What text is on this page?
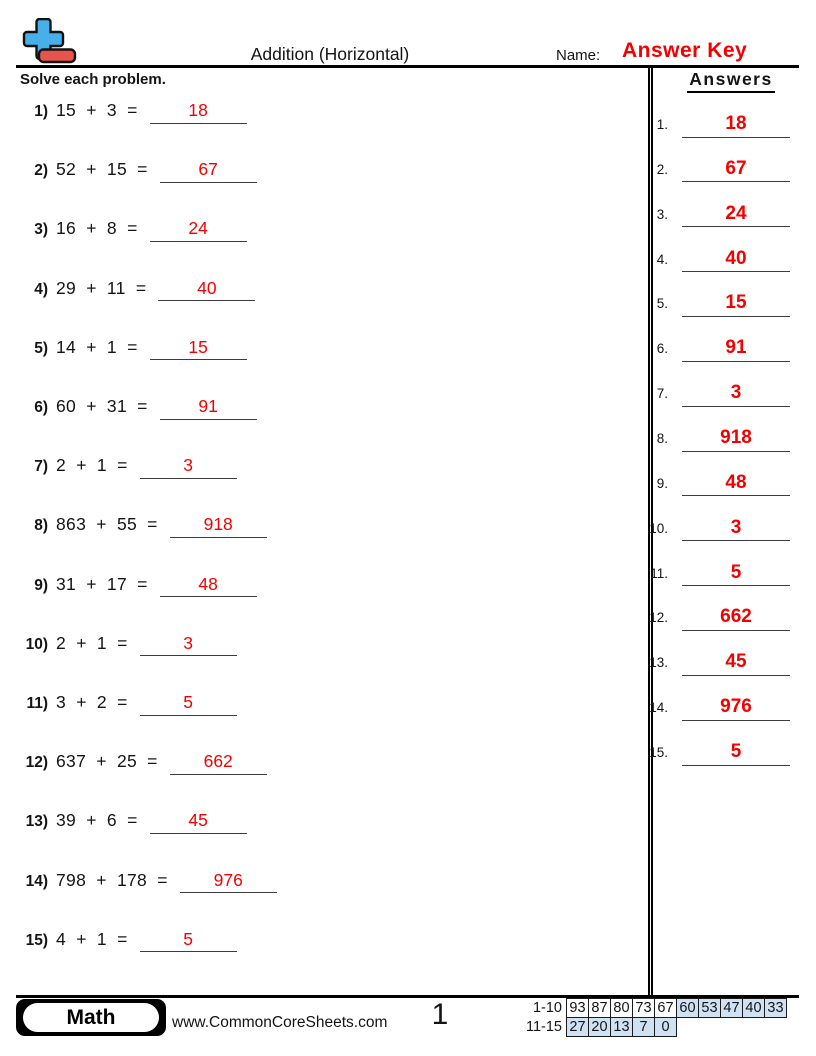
Addition (Horizontal)	Name: Answer Key
Solve each problem.
1) 15 + 3 =	18
2) 52 + 15 =	67
3) 16 + 8 =	24
4) 29 + 11 =	40
5) 14 + 1 =	15
6) 60 + 31 =	91
7) 2 + 1 =	3
8) 863 + 55 =	918
9) 31 + 17 =	48
10) 2 + 1 =	3
11) 3 + 2 =	5
12) 637 + 25 =	662
13) 39 + 6 =	45
14) 798 + 178 =	976
15) 4 + 1 =	5
Answers
1.	18
2.	67
3.	24
4.	40
5.	15
6.	91
7.	3
8.	918
9.	48
10.	3
11.	5
12.	662
13.	45
14.	976
15.	5
Math	www.CommonCoreSheets.com	1	1-10 93 87 80 73 67 60 53 47 40 33
11-15 27 20 13 7 0
